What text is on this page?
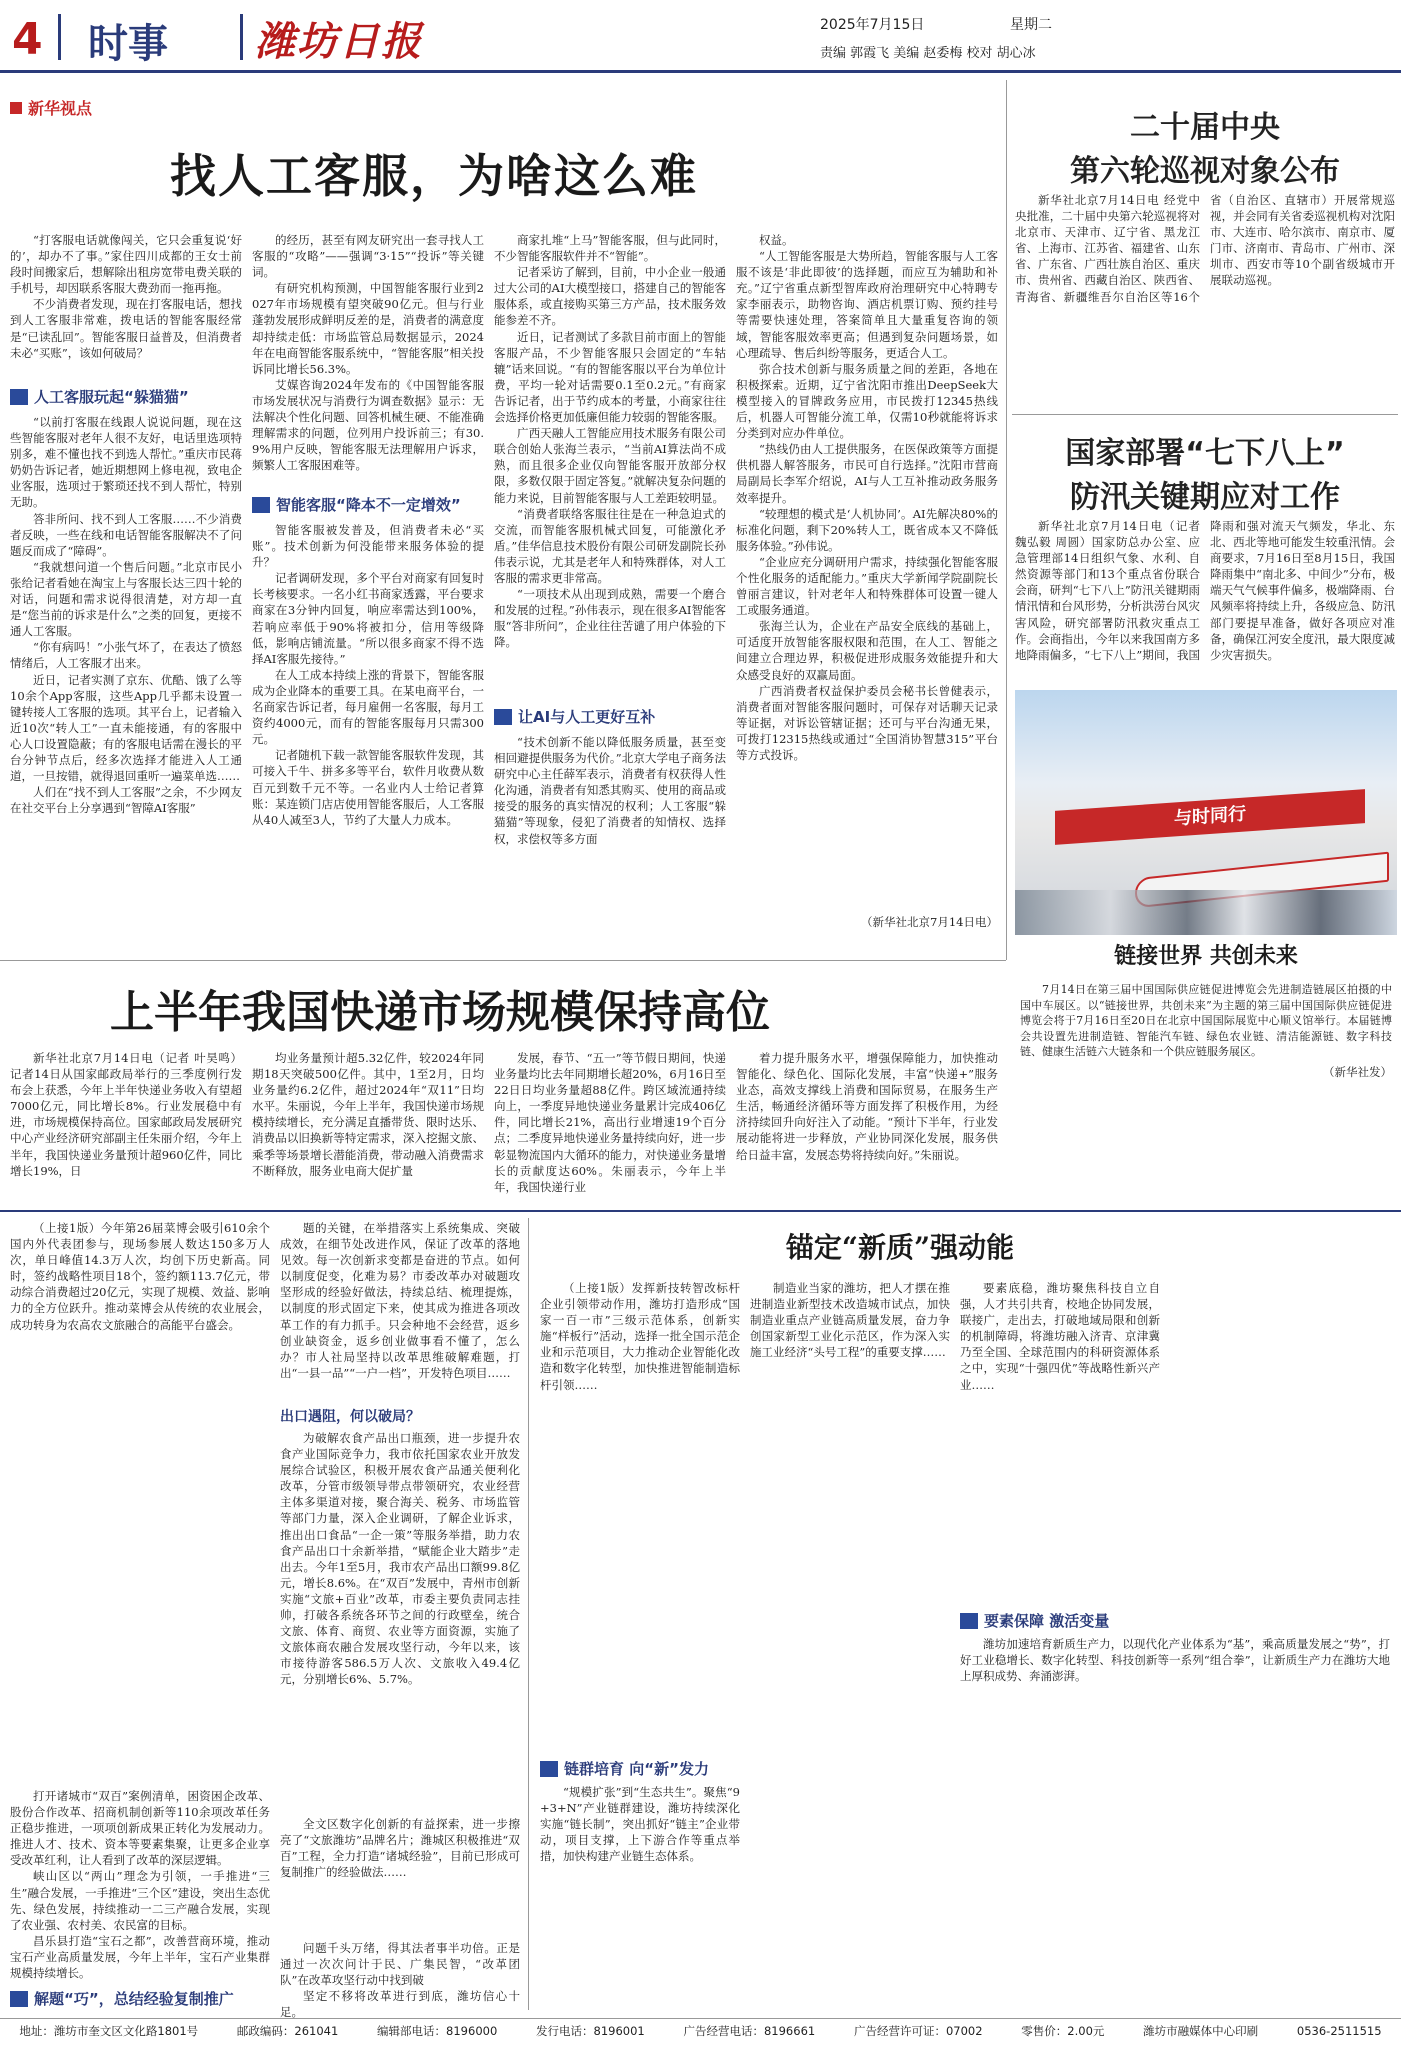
4 时事 潍坊日报	2025年7月15日	星期二
责编 郭霞飞 美编 赵委梅 校对 胡心冰
新华视点
找人工客服，为啥这么难

“打客服电话就像闯关，它只会重复说‘好的’，却办不了事。”家住四川成都的王女士前段时间搬家后，想解除出租房宽带电费关联的手机号，却因联系客服大费劲而一拖再拖。

不少消费者发现，现在打客服电话，想找到人工客服非常难，拨电话的智能客服经常是“已读乱回”。智能客服日益普及，但消费者未必“买账”，该如何破局？

人工客服玩起“躲猫猫”

“以前打客服在线跟人说说问题，现在这些智能客服对老年人很不友好，电话里选项特别多，难不懂也找不到选人帮忙。”重庆市民蒋奶奶告诉记者，她近期想网上修电视，致电企业客服，选项过于繁琐还找不到人帮忙，特别无助。

答非所问、找不到人工客服……不少消费者反映，一些在线和电话智能客服解决不了问题反而成了“障碍”。

“我就想问道一个售后问题。”北京市民小张给记者看她在淘宝上与客服长达三四十轮的对话，问题和需求说得很清楚，对方却一直是“您当前的诉求是什么”之类的回复，更接不通人工客服。

“你有病吗！”小张气坏了，在表达了愤怒情绪后，人工客服才出来。

近日，记者实测了京东、优酷、饿了么等10余个App客服，这些App几乎都未设置一键转接人工客服的选项。其平台上，记者输入近10次“转人工”一直未能接通，有的客服中心人口设置隐蔽；有的客服电话需在漫长的平台分钟节点后，经多次选择才能进入人工通道，一旦按错，就得退回重听一遍菜单选……

人们在“找不到人工客服”之余，不少网友在社交平台上分享遇到“智障AI客服”

的经历，甚至有网友研究出一套寻找人工客服的“攻略”——强调“3·15”“投诉”等关键词。

有研究机构预测，中国智能客服行业到2027年市场规模有望突破90亿元。但与行业蓬勃发展形成鲜明反差的是，消费者的满意度却持续走低：市场监管总局数据显示，2024年在电商智能客服系统中，“智能客服”相关投诉同比增长56.3%。

艾媒咨询2024年发布的《中国智能客服市场发展状况与消费行为调查数据》显示：无法解决个性化问题、回答机械生硬、不能准确理解需求的问题，位列用户投诉前三；有30.9%用户反映，智能客服无法理解用户诉求，频繁人工客服困难等。

智能客服“降本不一定增效”

智能客服被发普及，但消费者未必“买账”。技术创新为何没能带来服务体验的提升？

记者调研发现，多个平台对商家有回复时长考核要求。一名小红书商家透露，平台要求商家在3分钟内回复，响应率需达到100%，若响应率低于90%将被扣分，信用等级降低，影响店铺流量。“所以很多商家不得不选择AI客服先接待。”

在人工成本持续上涨的背景下，智能客服成为企业降本的重要工具。在某电商平台，一名商家告诉记者，每月雇佣一名客服，每月工资约4000元，而有的智能客服每月只需300元。

记者随机下载一款智能客服软件发现，其可接入千牛、拼多多等平台，软件月收费从数百元到数千元不等。一名业内人士给记者算账：某连锁门店店使用智能客服后，人工客服从40人减至3人，节约了大量人力成本。

商家扎堆“上马”智能客服，但与此同时，不少智能客服软件并不“智能”。

记者采访了解到，目前，中小企业一般通过大公司的AI大模型接口，搭建自己的智能客服体系，或直接购买第三方产品，技术服务效能参差不齐。

近日，记者测试了多款目前市面上的智能客服产品，不少智能客服只会固定的“车轱辘”话来回说。“有的智能客服以平台为单位计费，平均一轮对话需要0.1至0.2元。”有商家告诉记者，出于节约成本的考量，小商家往往会选择价格更加低廉但能力较弱的智能客服。

广西天融人工智能应用技术服务有限公司联合创始人张海兰表示，“当前AI算法尚不成熟，而且很多企业仅向智能客服开放部分权限，多数仅限于固定答复。”就解决复杂问题的能力来说，目前智能客服与人工差距较明显。

“消费者联络客服往往是在一种急迫式的交流，而智能客服机械式回复，可能激化矛盾。”佳华信息技术股份有限公司研发副院长孙伟表示说，尤其是老年人和特殊群体，对人工客服的需求更非常高。

“一项技术从出现到成熟，需要一个磨合和发展的过程。”孙伟表示，现在很多AI智能客服“答非所问”，企业往往苦谴了用户体验的下降。

让AI与人工更好互补

“技术创新不能以降低服务质量，甚至变相回避提供服务为代价。”北京大学电子商务法研究中心主任薛军表示，消费者有权获得人性化沟通，消费者有知悉其购买、使用的商品或接受的服务的真实情况的权利；人工客服“躲猫猫”等现象，侵犯了消费者的知情权、选择权，求偿权等多方面

权益。

“人工智能客服是大势所趋，智能客服与人工客服不该是‘非此即彼’的选择题，而应互为辅助和补充。”辽宁省重点新型智库政府治理研究中心特聘专家李丽表示，助物咨询、酒店机票订购、预约挂号等需要快速处理，答案简单且大量重复咨询的领域，智能客服效率更高；但遇到复杂问题场景，如心理疏导、售后纠纷等服务，更适合人工。

弥合技术创新与服务质量之间的差距，各地在积极探索。近期，辽宁省沈阳市推出DeepSeek大模型接入的冒牌政务应用，市民拨打12345热线后，机器人可智能分流工单，仅需10秒就能将诉求分类到对应办件单位。

“热线仍由人工提供服务，在医保政策等方面提供机器人解答服务，市民可自行选择。”沈阳市营商局副局长李军介绍说，AI与人工互补推动政务服务效率提升。

“较理想的模式是‘人机协同’。AI先解决80%的标准化问题，剩下20%转人工，既省成本又不降低服务体验。”孙伟说。

“企业应充分调研用户需求，持续强化智能客服个性化服务的适配能力。”重庆大学新闻学院副院长曾丽言建议，针对老年人和特殊群体可设置一键人工或服务通道。

张海兰认为，企业在产品安全底线的基础上，可适度开放智能客服权限和范围，在人工、智能之间建立合理边界，积极促进形成服务效能提升和大众感受良好的双赢局面。

广西消费者权益保护委员会秘书长曾健表示，消费者面对智能客服问题时，可保存对话聊天记录等证据，对诉讼管辖证据；还可与平台沟通无果，可拨打12315热线或通过“全国消协智慧315”平台等方式投诉。

（新华社北京7月14日电）
二十届中央
第六轮巡视对象公布

新华社北京7月14日电 经党中央批准，二十届中央第六轮巡视将对北京市、天津市、辽宁省、黑龙江省、上海市、江苏省、福建省、山东省、广东省、广西壮族自治区、重庆市、贵州省、西藏自治区、陕西省、青海省、新疆维吾尔自治区等16个省（自治区、直辖市）开展常规巡视，并会同有关省委巡视机构对沈阳市、大连市、哈尔滨市、南京市、厦门市、济南市、青岛市、广州市、深圳市、西安市等10个副省级城市开展联动巡视。

国家部署“七下八上”
防汛关键期应对工作

新华社北京7月14日电（记者 魏弘毅 周圆）国家防总办公室、应急管理部14日组织气象、水利、自然资源等部门和13个重点省份联合会商，研判“七下八上”防汛关键期雨情汛情和台风形势，分析洪涝台风灾害风险，研究部署防汛救灾重点工作。会商指出，今年以来我国南方多地降雨偏多，“七下八上”期间，我国降雨和强对流天气频发，华北、东北、西北等地可能发生较重汛情。会商要求，7月16日至8月15日，我国降雨集中“南北多、中间少”分布，极端天气气候事件偏多，极端降雨、台风频率将持续上升，各级应急、防汛部门要提早准备，做好各项应对准备，确保江河安全度汛，最大限度减少灾害损失。

与时同行
链接世界 共创未来

7月14日在第三届中国国际供应链促进博览会先进制造链展区拍摄的中国中车展区。以“链接世界，共创未来”为主题的第三届中国国际供应链促进博览会将于7月16日至20日在北京中国国际展览中心顺义馆举行。本届链博会共设置先进制造链、智能汽车链、绿色农业链、清洁能源链、数字科技链、健康生活链六大链条和一个供应链服务展区。

（新华社发）
上半年我国快递市场规模保持高位

新华社北京7月14日电（记者 叶昊鸣）记者14日从国家邮政局举行的三季度例行发布会上获悉，今年上半年快递业务收入有望超7000亿元，同比增长8%。行业发展稳中有进，市场规模保持高位。国家邮政局发展研究中心产业经济研究部副主任朱丽介绍，今年上半年，我国快递业务量预计超960亿件，同比增长19%，日

均业务量预计超5.32亿件，较2024年同期18天突破500亿件。其中，1至2月，日均业务量约6.2亿件，超过2024年“双11”日均水平。朱丽说，今年上半年，我国快递市场规模持续增长，充分满足直播带货、限时达乐、消费品以旧换新等特定需求，深入挖掘文旅、乘季等场景增长潜能消费，带动融入消费需求不断释放，服务业电商大促扩量

发展，春节、“五一”等节假日期间，快递业务量均比去年同期增长超20%，6月16日至22日日均业务量超88亿件。跨区域流通持续向上，一季度异地快递业务量累计完成406亿件，同比增长21%，高出行业增速19个百分点；二季度异地快递业务量持续向好，进一步彰显物流国内大循环的能力，对快递业务量增长的贡献度达60%。朱丽表示，今年上半年，我国快递行业

着力提升服务水平，增强保障能力，加快推动智能化、绿色化、国际化发展，丰富“快递+”服务业态，高效支撑线上消费和国际贸易，在服务生产生活，畅通经济循环等方面发挥了积极作用，为经济持续回升向好注入了动能。“预计下半年，行业发展动能将进一步释放，产业协同深化发展，服务供给日益丰富，发展态势将持续向好。”朱丽说。

（上接1版）今年第26届菜博会吸引610余个国内外代表团参与，现场参展人数达150多万人次，单日峰值14.3万人次，均创下历史新高。同时，签约战略性项目18个，签约额113.7亿元，带动综合消费超过20亿元，实现了规模、效益、影响力的全方位跃升。推动菜博会从传统的农业展会，成功转身为农高农文旅融合的高能平台盛会。

打开诸城市“双百”案例清单，困资困企改革、股份合作改革、招商机制创新等110余项改革任务正稳步推进，一项项创新成果正转化为发展动力。推进人才、技术、资本等要素集聚，让更多企业享受改革红利，让人看到了改革的深层逻辑。

峡山区以“两山”理念为引领，一手推进“三生”融合发展，一手推进“三个区”建设，突出生态优先、绿色发展，持续推动一二三产融合发展，实现了农业强、农村美、农民富的目标。

昌乐县打造“宝石之都”，改善营商环境，推动宝石产业高质量发展，今年上半年，宝石产业集群规模持续增长。

解题“巧”，总结经验复制推广

题的关键，在举措落实上系统集成、突破成效，在细节处改进作风，保证了改革的落地见效。每一次创新求变都是奋进的节点。如何以制度促变，化难为易？市委改革办对破题攻坚形成的经验好做法，持续总结、梳理提炼，以制度的形式固定下来，使其成为推进各项改革工作的有力抓手。只会种地不会经营，返乡创业缺资金，返乡创业做事看不懂了，怎么办？市人社局坚持以改革思维破解难题，打出“一县一品”“一户一档”，开发特色项目……

出口遇阻，何以破局？

为破解农食产品出口瓶颈，进一步提升农食产业国际竞争力，我市依托国家农业开放发展综合试验区，积极开展农食产品通关便利化改革，分管市级领导带点带领研究，农业经营主体多渠道对接，聚合海关、税务、市场监管等部门力量，深入企业调研，了解企业诉求，推出出口食品“一企一策”等服务举措，助力农食产品出口十余新举措，“赋能企业大踏步”走出去。今年1至5月，我市农产品出口额99.8亿元，增长8.6%。在“双百”发展中，青州市创新实施“文旅+百业”改革，市委主要负责同志挂帅，打破各系统各环节之间的行政壁垒，统合文旅、体育、商贸、农业等方面资源，实施了文旅体商农融合发展攻坚行动，今年以来，该市接待游客586.5万人次、文旅收入49.4亿元，分别增长6%、5.7%。

全文区数字化创新的有益探索，进一步擦亮了“文旅潍坊”品牌名片；潍城区积极推进“双百”工程，全力打造“诸城经验”，目前已形成可复制推广的经验做法……

问题千头万绪，得其法者事半功倍。正是通过一次次问计于民、广集民智，“改革团队”在改革攻坚行动中找到破

坚定不移将改革进行到底，潍坊信心十足。

锚定“新质”强动能

（上接1版）发挥新技转智改标杆企业引领带动作用，潍坊打造形成“国家一百一市”三级示范体系，创新实施“样板行”活动，选择一批全国示范企业和示范项目，大力推动企业智能化改造和数字化转型，加快推进智能制造标杆引领……

链群培育
向“新”发力

“规模扩张”到“生态共生”。聚焦“9+3+N”产业链群建设，潍坊持续深化实施“链长制”，突出抓好“链主”企业带动，项目支撑，上下游合作等重点举措，加快构建产业链生态体系。

制造业当家的潍坊，把人才摆在推进制造业新型技术改造城市试点，加快制造业重点产业链高质量发展，奋力争创国家新型工业化示范区，作为深入实施工业经济“头号工程”的重要支撑……

要素保障
激活变量

要素底稳，潍坊聚焦科技自立自强，人才共引共育，校地企协同发展，联接广，走出去，打破地域局限和创新的机制障碍，将潍坊融入济青、京津冀乃至全国、全球范围内的科研资源体系之中，实现“十强四优”等战略性新兴产业……

潍坊加速培育新质生产力，以现代化产业体系为“基”，乘高质量发展之“势”，打好工业稳增长、数字化转型、科技创新等一系列“组合拳”，让新质生产力在潍坊大地上厚积成势、奔涌澎湃。

地址：潍坊市奎文区文化路1801号	邮政编码：261041	编辑部电话：8196000	发行电话：8196001	广告经营电话：8196661	广告经营许可证：07002	零售价：2.00元	潍坊市融媒体中心印刷	0536-2511515
